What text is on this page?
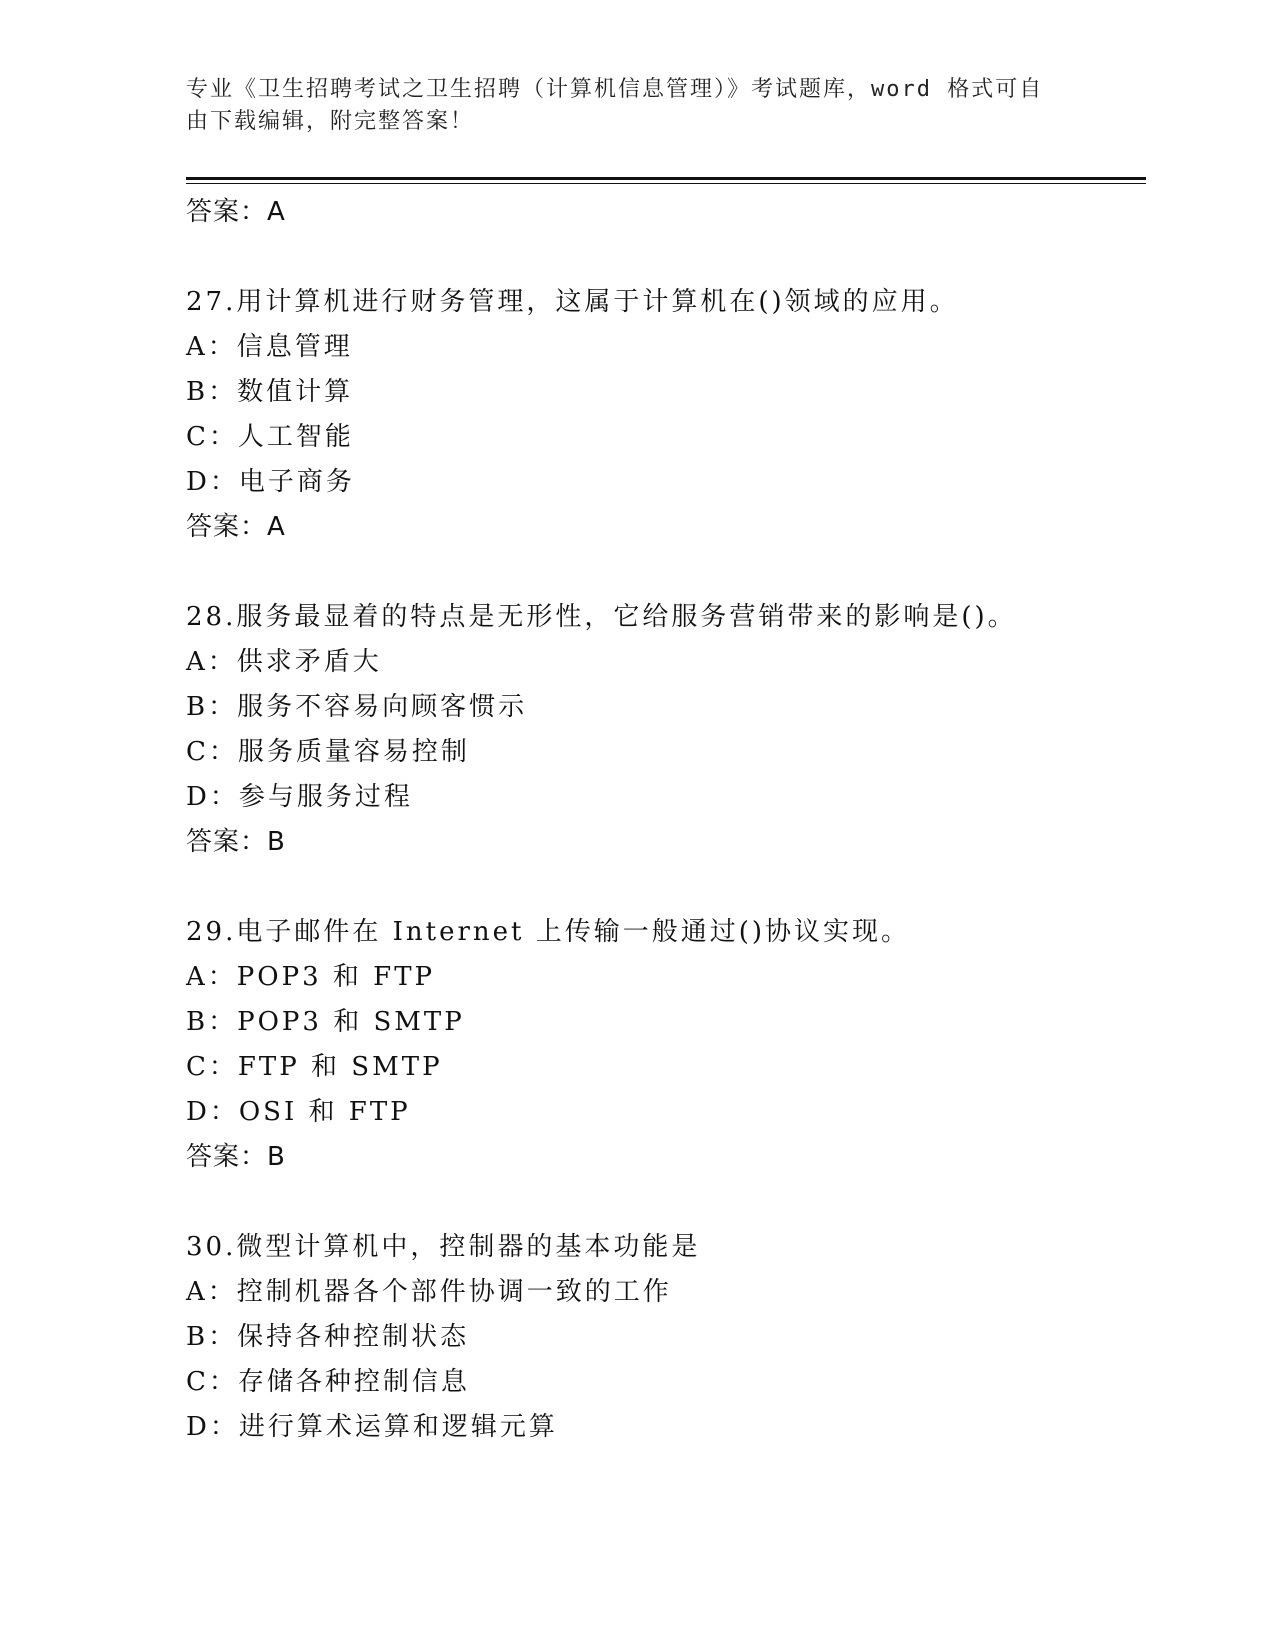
专业《卫生招聘考试之卫生招聘（计算机信息管理）》考试题库，word 格式可自
由下载编辑，附完整答案！
答案：A
27.用计算机进行财务管理，这属于计算机在()领域的应用。
A：信息管理
B：数值计算
C：人工智能
D：电子商务
答案：A
28.服务最显着的特点是无形性，它给服务营销带来的影响是()。
A：供求矛盾大
B：服务不容易向顾客惯示
C：服务质量容易控制
D：参与服务过程
答案：B
29.电子邮件在 Internet 上传输一般通过()协议实现。
A：POP3 和 FTP
B：POP3 和 SMTP
C：FTP 和 SMTP
D：OSI 和 FTP
答案：B
30.微型计算机中，控制器的基本功能是
A：控制机器各个部件协调一致的工作
B：保持各种控制状态
C：存储各种控制信息
D：进行算术运算和逻辑元算
